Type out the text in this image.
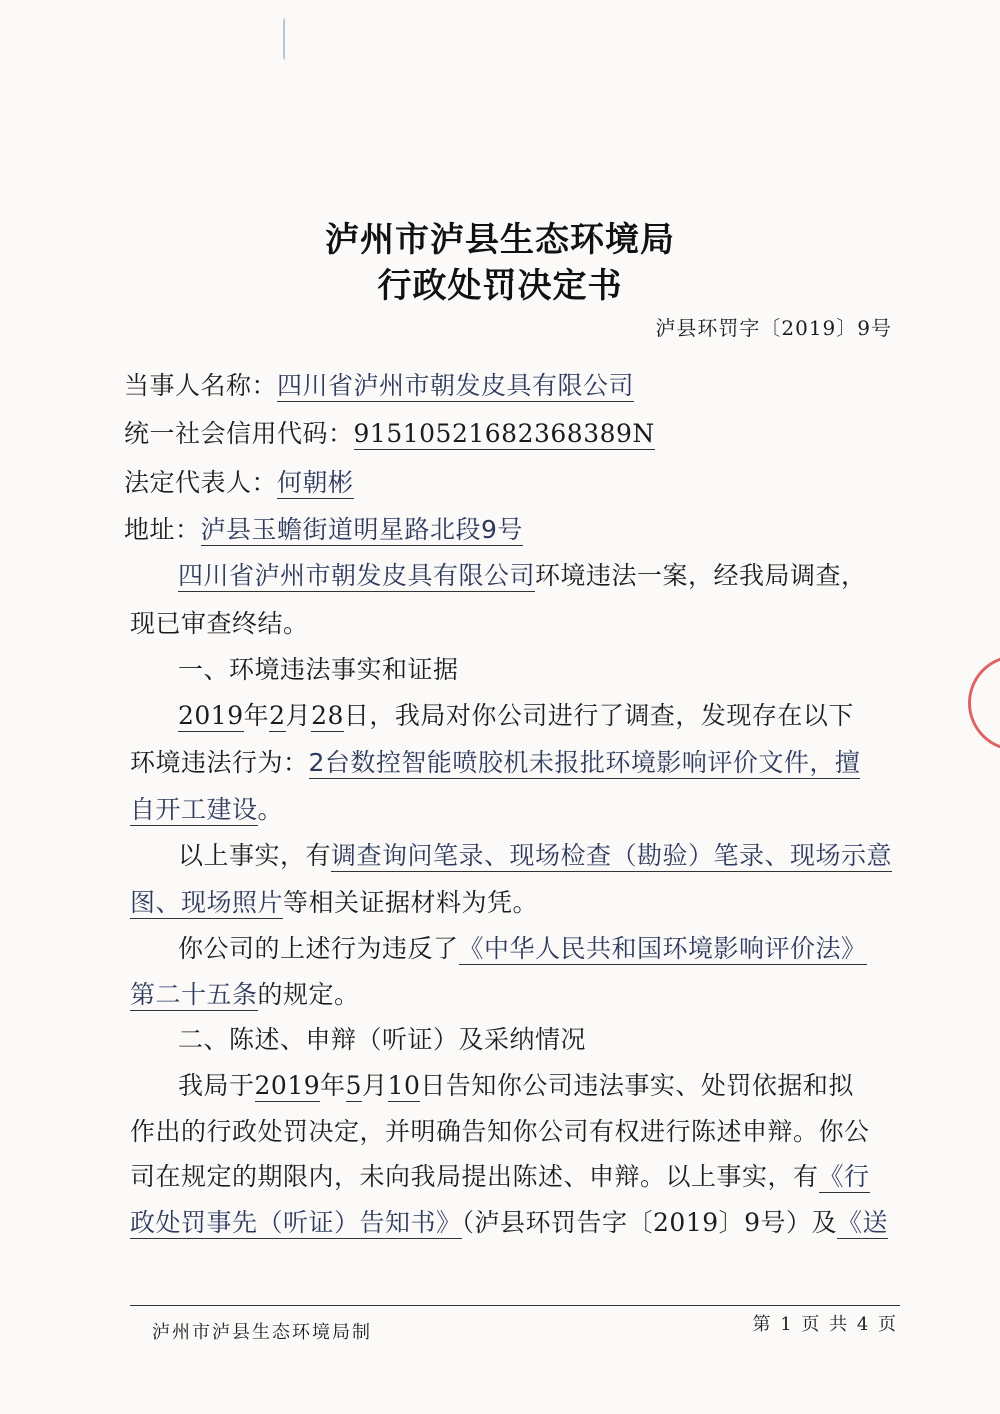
泸州市泸县生态环境局
行政处罚决定书
泸县环罚字〔2019〕9号
当事人名称：四川省泸州市朝发皮具有限公司
统一社会信用代码：91510521682368389N
法定代表人：何朝彬
地址：泸县玉蟾街道明星路北段9号
四川省泸州市朝发皮具有限公司环境违法一案，经我局调查，
现已审查终结。
一、环境违法事实和证据
2019年2月28日，我局对你公司进行了调查，发现存在以下
环境违法行为：2台数控智能喷胶机未报批环境影响评价文件，擅
自开工建设。
以上事实，有调查询问笔录、现场检查（勘验）笔录、现场示意
图、现场照片等相关证据材料为凭。
你公司的上述行为违反了《中华人民共和国环境影响评价法》
第二十五条的规定。
二、陈述、申辩（听证）及采纳情况
我局于2019年5月10日告知你公司违法事实、处罚依据和拟
作出的行政处罚决定，并明确告知你公司有权进行陈述申辩。你公
司在规定的期限内，未向我局提出陈述、申辩。以上事实，有《行
政处罚事先（听证）告知书》（泸县环罚告字〔2019〕9号）及《送
泸州市泸县生态环境局制	第 1 页 共 4 页
